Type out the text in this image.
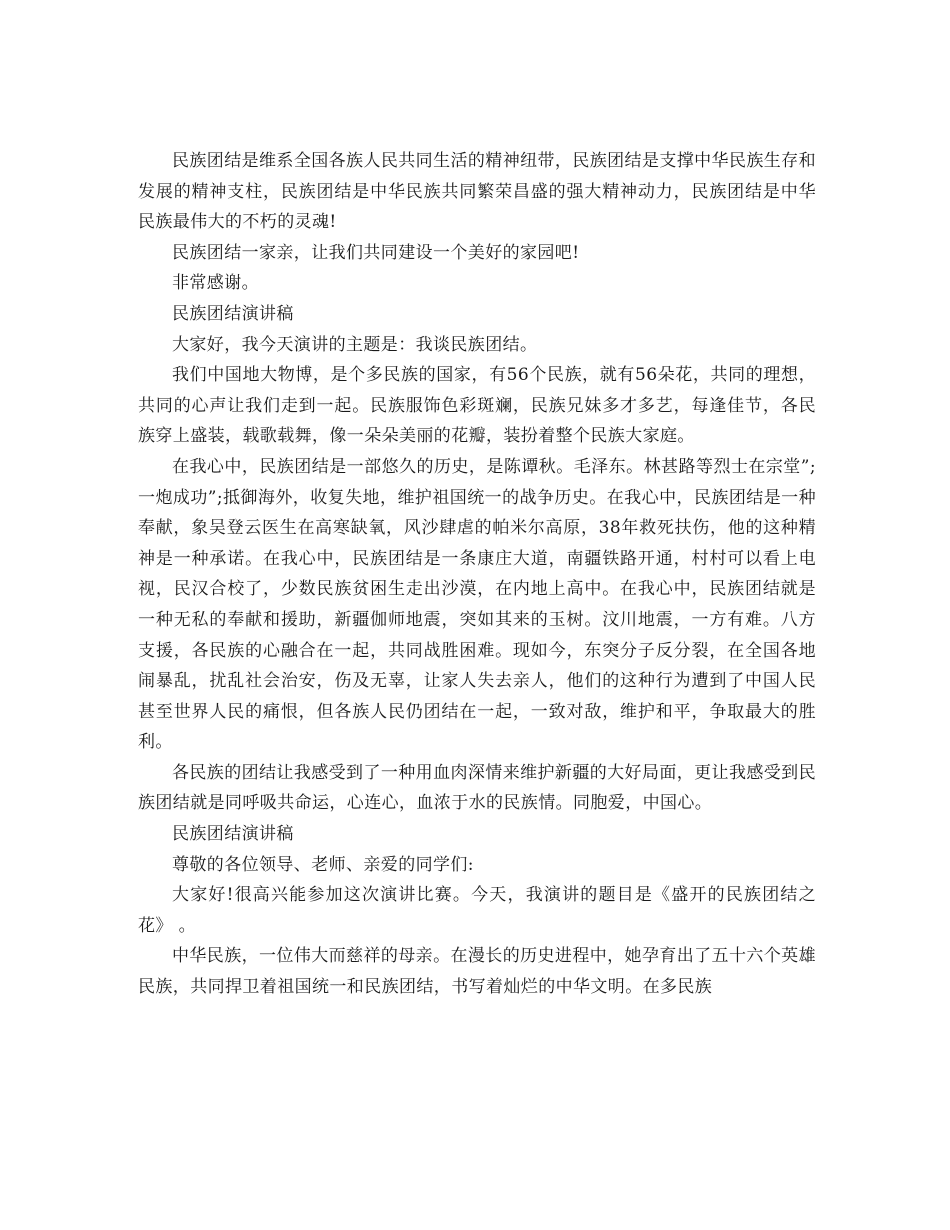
民族团结是维系全国各族人民共同生活的精神纽带，民族团结是支撑中华民族生存和发展的精神支柱，民族团结是中华民族共同繁荣昌盛的强大精神动力，民族团结是中华民族最伟大的不朽的灵魂!

民族团结一家亲，让我们共同建设一个美好的家园吧!

非常感谢。

民族团结演讲稿

大家好，我今天演讲的主题是：我谈民族团结。

我们中国地大物博，是个多民族的国家，有56个民族，就有56朵花，共同的理想，共同的心声让我们走到一起。民族服饰色彩斑斓，民族兄妹多才多艺，每逢佳节，各民族穿上盛装，载歌载舞，像一朵朵美丽的花瓣，装扮着整个民族大家庭。

在我心中，民族团结是一部悠久的历史，是陈谭秋。毛泽东。林甚路等烈士在宗堂”;一炮成功”;抵御海外，收复失地，维护祖国统一的战争历史。在我心中，民族团结是一种奉献，象吴登云医生在高寒缺氧，风沙肆虐的帕米尔高原，38年救死扶伤，他的这种精神是一种承诺。在我心中，民族团结是一条康庄大道，南疆铁路开通，村村可以看上电视，民汉合校了，少数民族贫困生走出沙漠，在内地上高中。在我心中，民族团结就是一种无私的奉献和援助，新疆伽师地震，突如其来的玉树。汶川地震，一方有难。八方支援，各民族的心融合在一起，共同战胜困难。现如今，东突分子反分裂，在全国各地闹暴乱，扰乱社会治安，伤及无辜，让家人失去亲人，他们的这种行为遭到了中国人民甚至世界人民的痛恨，但各族人民仍团结在一起，一致对敌，维护和平，争取最大的胜利。

各民族的团结让我感受到了一种用血肉深情来维护新疆的大好局面，更让我感受到民族团结就是同呼吸共命运，心连心，血浓于水的民族情。同胞爱，中国心。

民族团结演讲稿

尊敬的各位领导、老师、亲爱的同学们:

大家好!很高兴能参加这次演讲比赛。今天，我演讲的题目是《盛开的民族团结之花》 。

中华民族，一位伟大而慈祥的母亲。在漫长的历史进程中，她孕育出了五十六个英雄民族，共同捍卫着祖国统一和民族团结，书写着灿烂的中华文明。在多民族
